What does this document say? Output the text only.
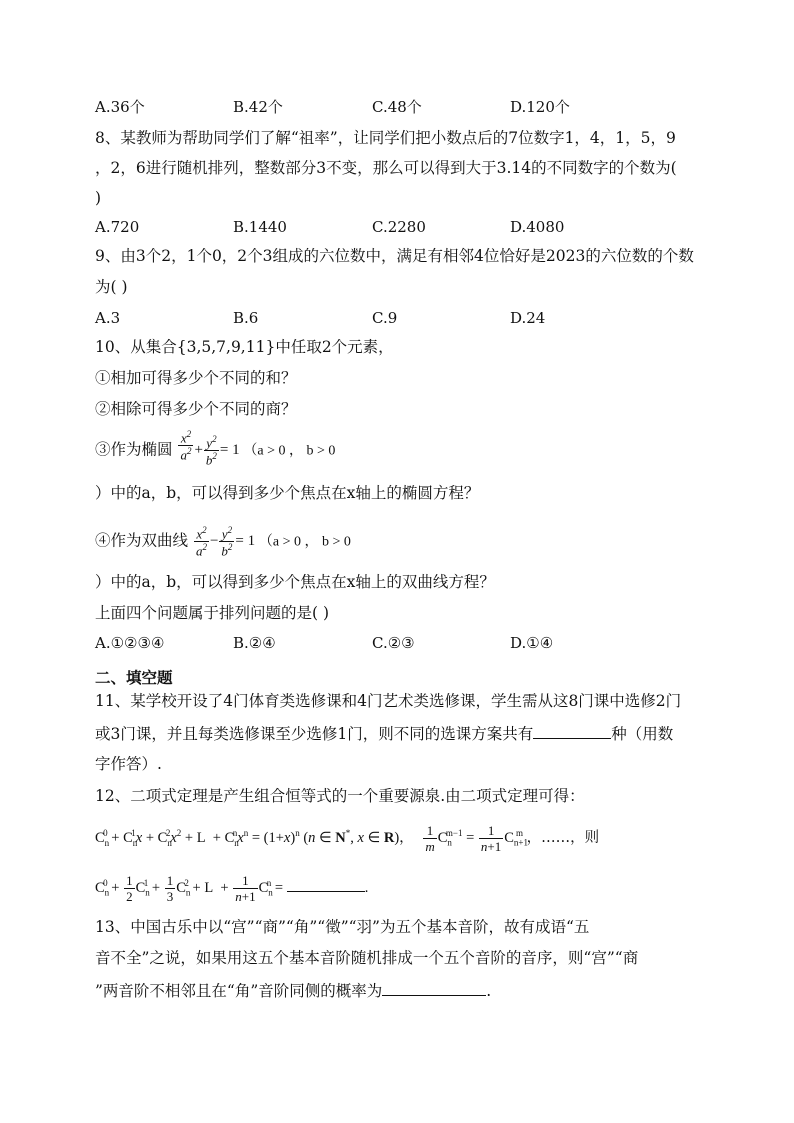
A.36个	B.42个	C.48个	D.120个
8、某教师为帮助同学们了解“祖率”，让同学们把小数点后的7位数字1，4，1，5，9
，2，6进行随机排列，整数部分3不变，那么可以得到大于3.14的不同数字的个数为(
)
A.720	B.1440	C.2280	D.4080
9、由3个2，1个0，2个3组成的六位数中，满足有相邻4位恰好是2023的六位数的个数
为( )
A.3	B.6	C.9	D.24
10、从集合{3,5,7,9,11}中任取2个元素，
①相加可得多少个不同的和？
②相除可得多少个不同的商？
③作为椭圆 $\frac{x^2}{a^2} + \frac{y^2}{b^2} = 1$ （a > 0 ， b > 0
）中的a，b，可以得到多少个焦点在x轴上的椭圆方程？
④作为双曲线 $\frac{x^2}{a^2} - \frac{y^2}{b^2} = 1$ （a > 0 ， b > 0
）中的a，b，可以得到多少个焦点在x轴上的双曲线方程？
上面四个问题属于排列问题的是( )
A.①②③④	B.②④	C.②③	D.①④
二、填空题
11、某学校开设了4门体育类选修课和4门艺术类选修课，学生需从这8门课中选修2门
或3门课，并且每类选修课至少选修1门，则不同的选课方案共有	种（用数
字作答）.
12、二项式定理是产生组合恒等式的一个重要源泉.由二项式定理可得：
$C_n^0 + C_n^1x + C_n^2x^2 + L + C_n^nx^n = (1+x)^n$ (n ∈ N*, x ∈ R)， $\frac{1}{m} C_n^{m-1} = \frac{1}{n+1} C_{n+1}^m$ ，……，则
$C_n^0 + \frac{1}{2} C_n^1 + \frac{1}{3} C_n^2 + L + \frac{1}{n+1} C_n^n$ =	.
13、中国古乐中以“宫”“商”“角”“徵”“羽”为五个基本音阶，故有成语“五
音不全”之说，如果用这五个基本音阶随机排成一个五个音阶的音序，则“宫”“商
”两音阶不相邻且在“角”音阶同侧的概率为	.
